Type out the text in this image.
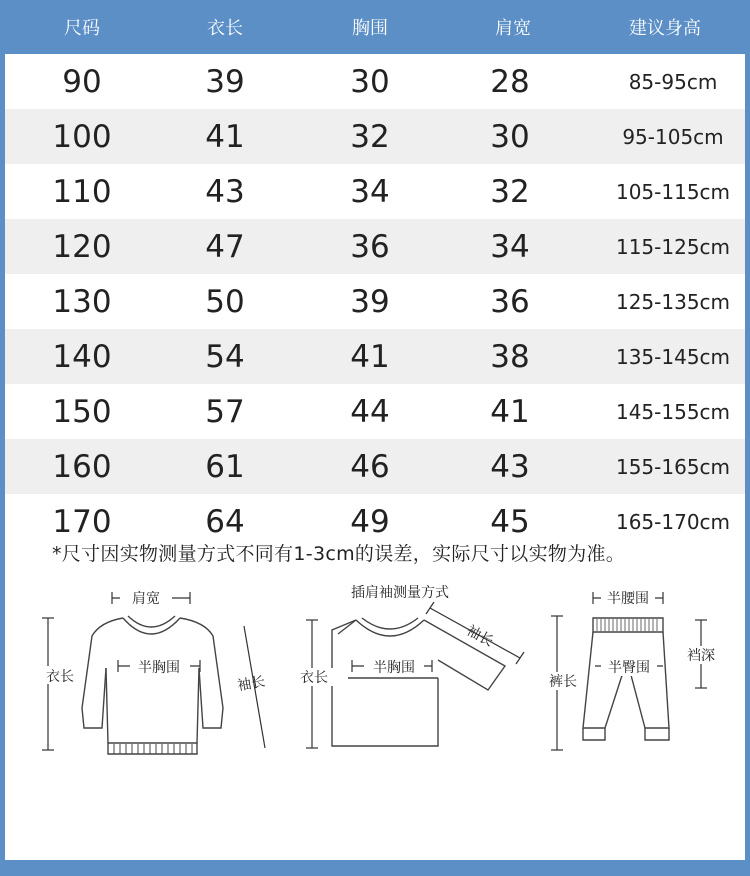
尺码	衣长	胸围	肩宽	建议身高
90	39	30	28	85-95cm
100	41	32	30	95-105cm
110	43	34	32	105-115cm
120	47	36	34	115-125cm
130	50	39	36	125-135cm
140	54	41	38	135-145cm
150	57	44	41	145-155cm
160	61	46	43	155-165cm
170	64	49	45	165-170cm
*尺寸因实物测量方式不同有1-3cm的误差，实际尺寸以实物为准。
肩宽
衣长
半胸围
袖长
插肩袖测量方式
衣长
半胸围
袖长
半腰围
裤长
半臀围
裆深
